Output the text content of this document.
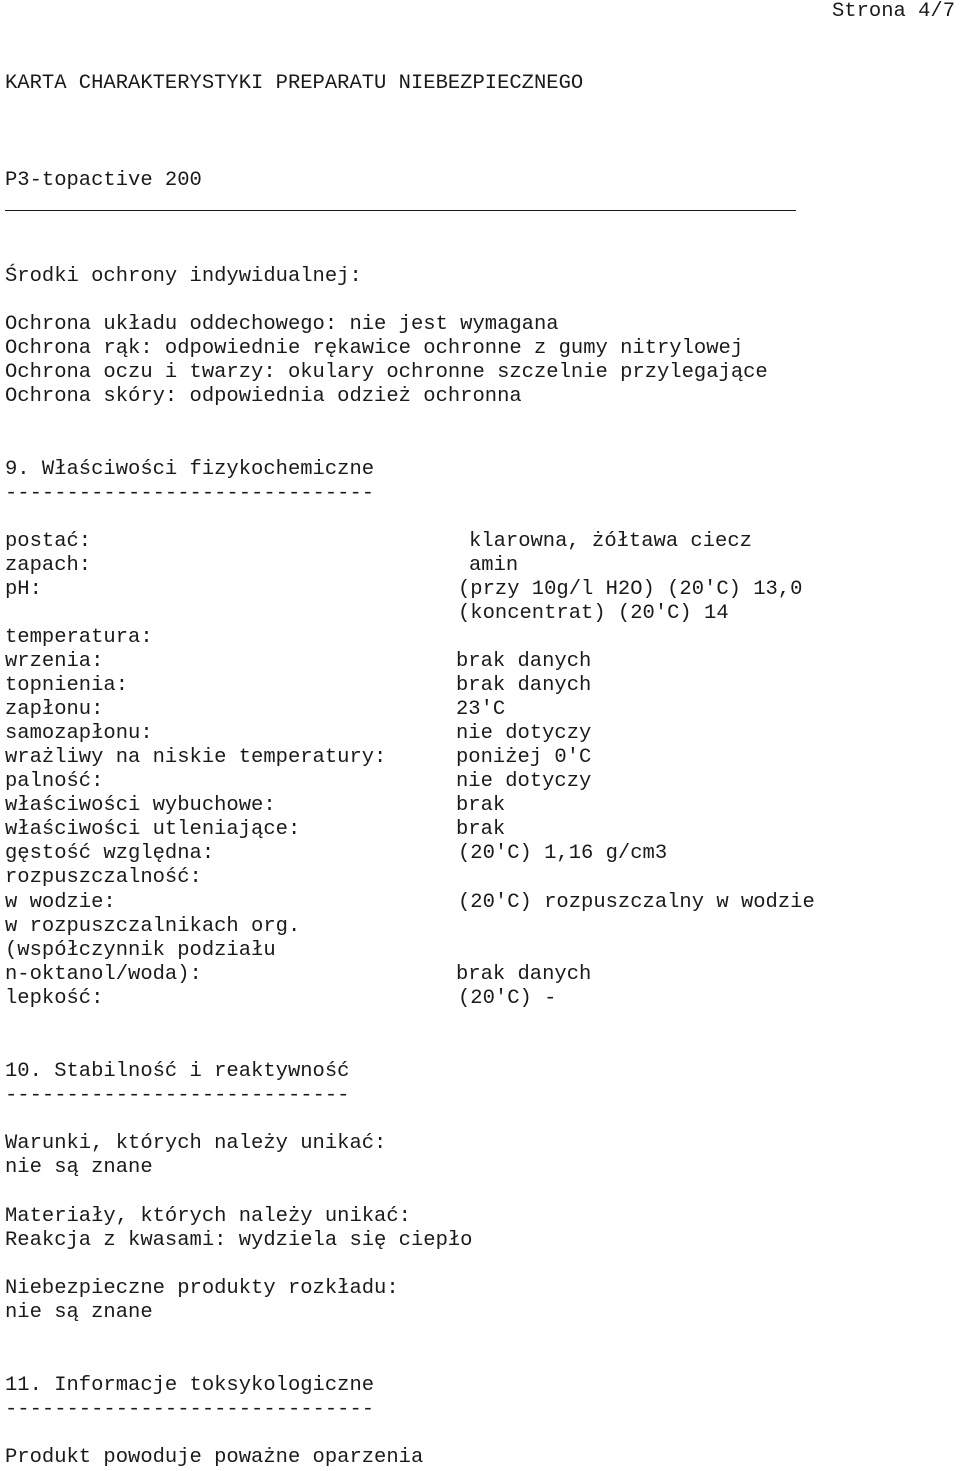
Strona 4/7
KARTA CHARAKTERYSTYKI PREPARATU NIEBEZPIECZNEGO
P3-topactive 200
Środki ochrony indywidualnej:
Ochrona układu oddechowego: nie jest wymagana
Ochrona rąk: odpowiednie rękawice ochronne z gumy nitrylowej
Ochrona oczu i twarzy: okulary ochronne szczelnie przylegające
Ochrona skóry: odpowiednia odzież ochronna
9. Właściwości fizykochemiczne
------------------------------
postać:	klarowna, żółtawa ciecz
zapach:	amin
pH:	(przy 10g/l H2O) (20'C) 13,0
(koncentrat) (20'C) 14
temperatura:
wrzenia:	brak danych
topnienia:	brak danych
zapłonu:	23'C
samozapłonu:	nie dotyczy
wrażliwy na niskie temperatury:	poniżej 0'C
palność:	nie dotyczy
właściwości wybuchowe:	brak
właściwości utleniające:	brak
gęstość względna:	(20'C) 1,16 g/cm3
rozpuszczalność:
w wodzie:	(20'C) rozpuszczalny w wodzie
w rozpuszczalnikach org.
(współczynnik podziału
n-oktanol/woda):	brak danych
lepkość:	(20'C) -
10. Stabilność i reaktywność
----------------------------
Warunki, których należy unikać:
nie są znane
Materiały, których należy unikać:
Reakcja z kwasami: wydziela się ciepło
Niebezpieczne produkty rozkładu:
nie są znane
11. Informacje toksykologiczne
------------------------------
Produkt powoduje poważne oparzenia
